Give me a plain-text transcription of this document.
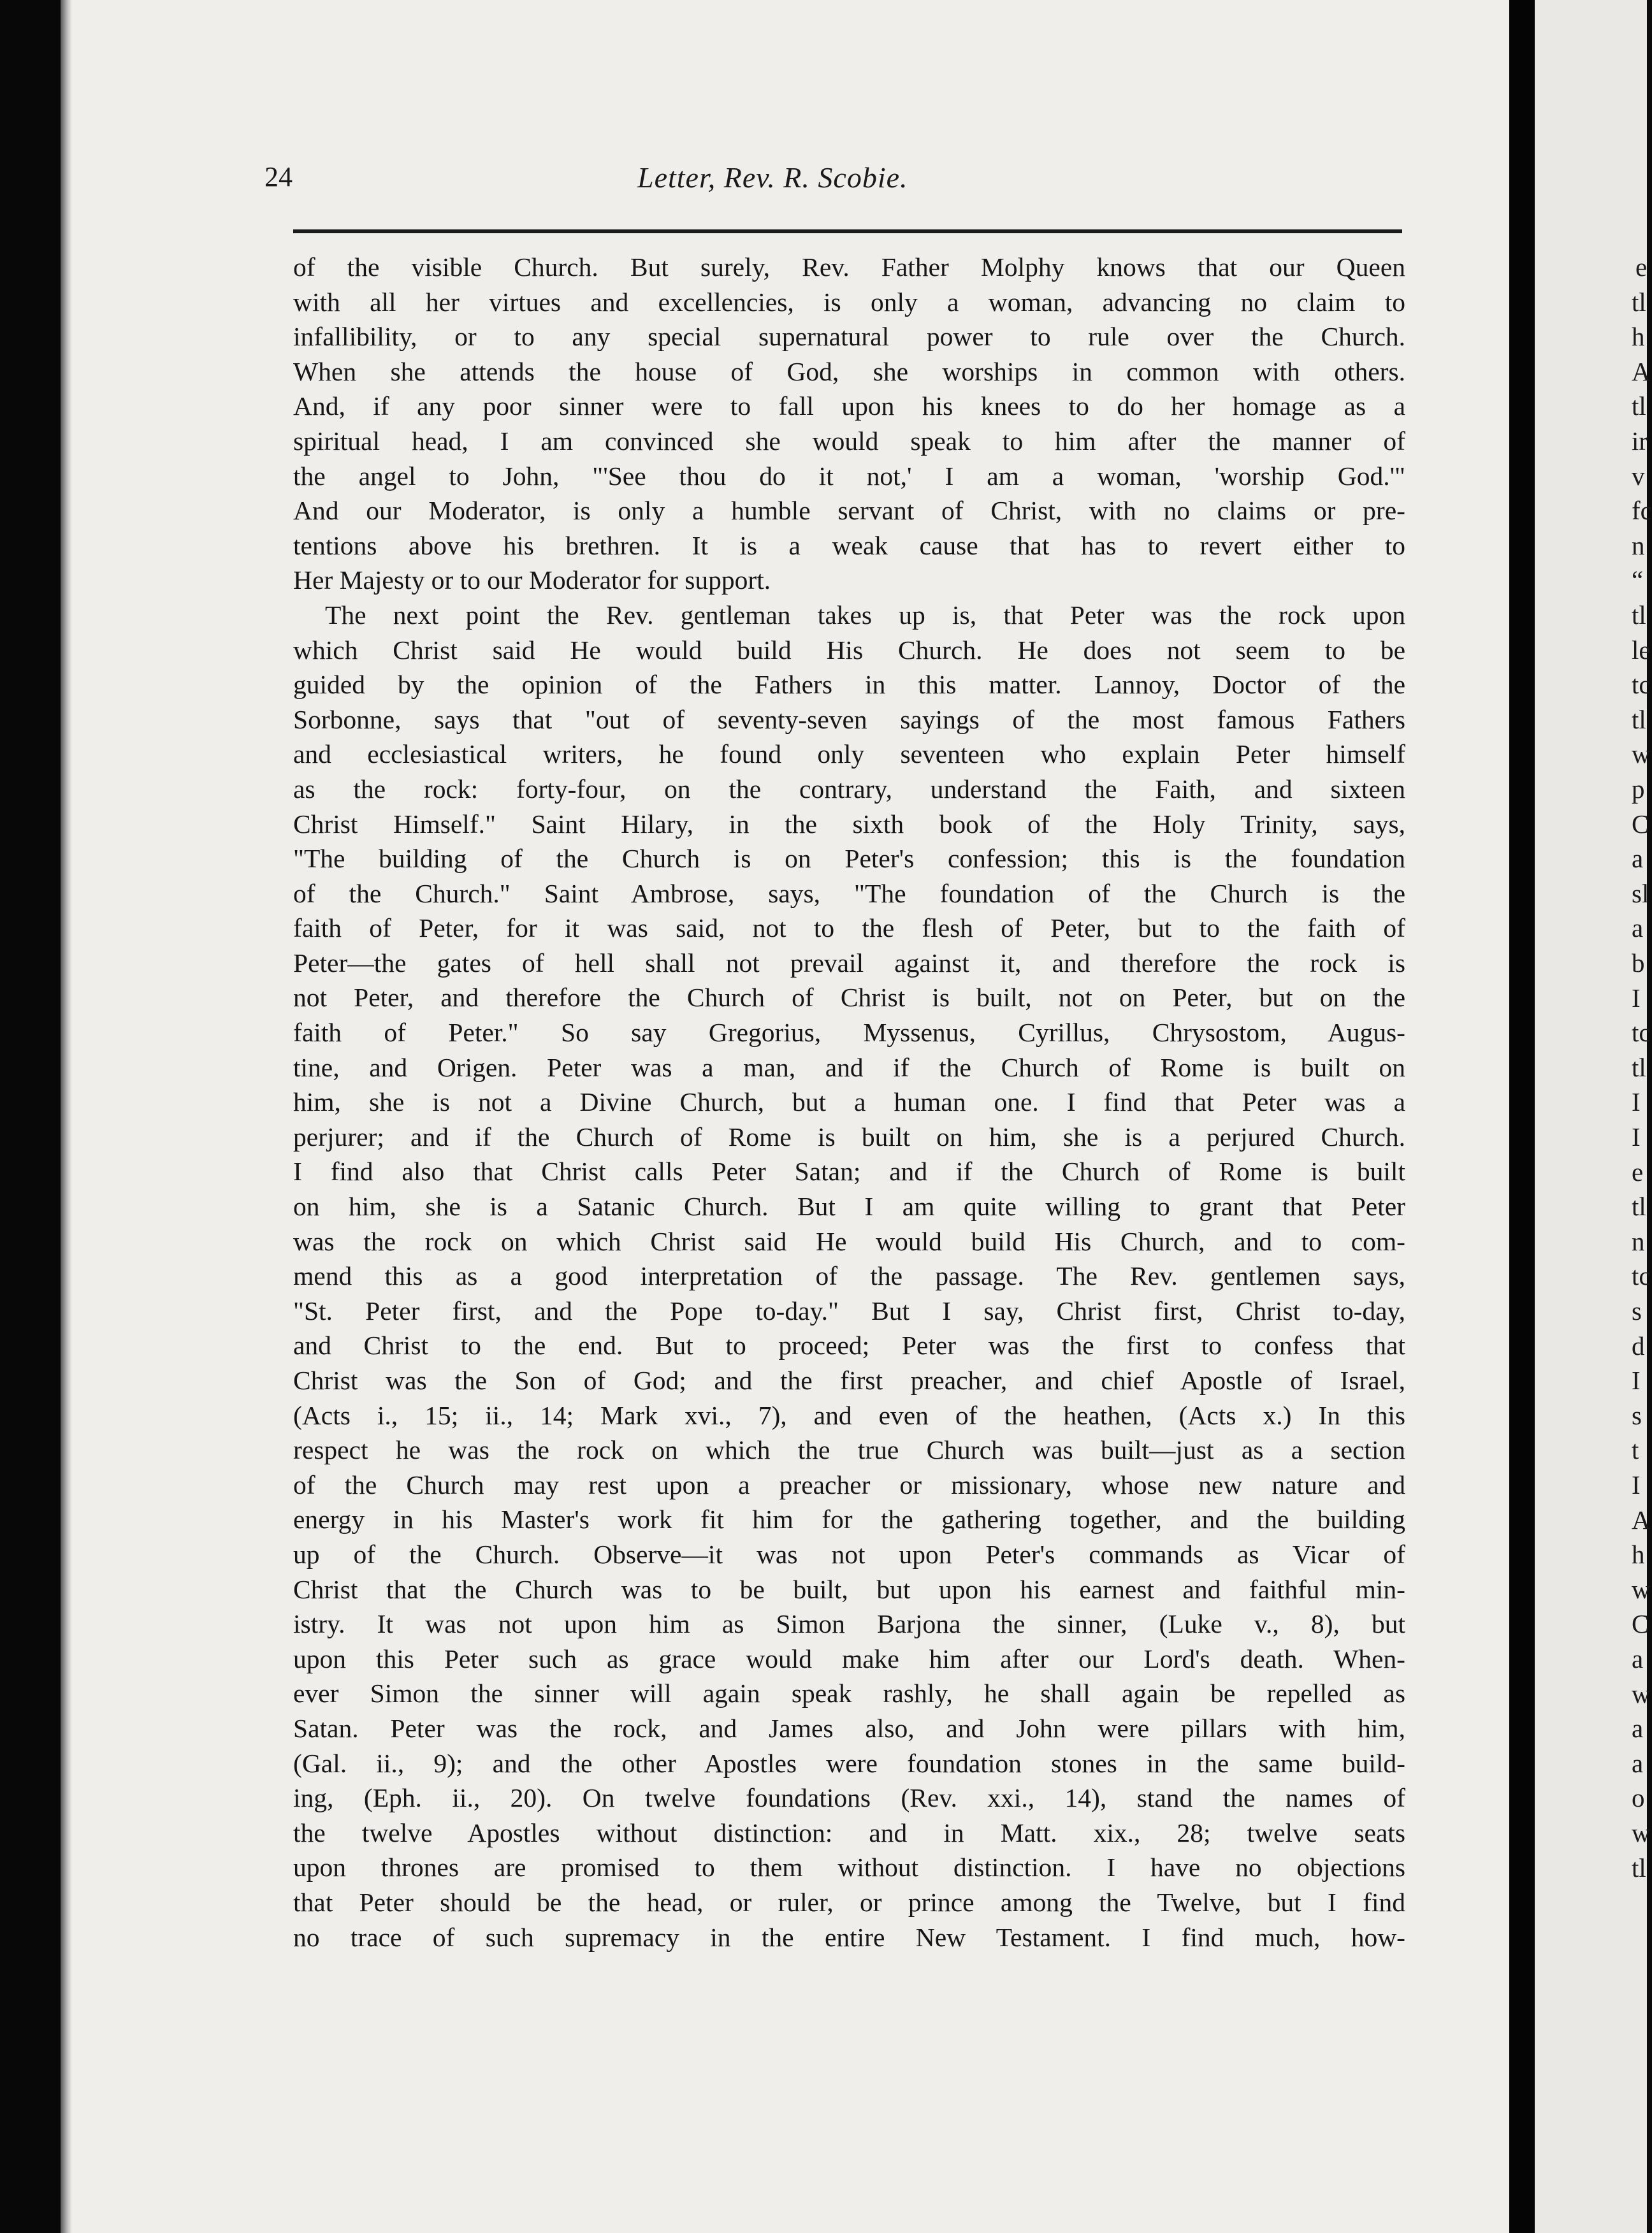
24	Letter, Rev. R. Scobie.
of the visible Church. But surely, Rev. Father Molphy knows that our Queen
with all her virtues and excellencies, is only a woman, advancing no claim to
infallibility, or to any special supernatural power to rule over the Church.
When she attends the house of God, she worships in common with others.
And, if any poor sinner were to fall upon his knees to do her homage as a
spiritual head, I am convinced she would speak to him after the manner of
the angel to John, "'See thou do it not,' I am a woman, 'worship God.'"
And our Moderator, is only a humble servant of Christ, with no claims or pre-
tentions above his brethren. It is a weak cause that has to revert either to
Her Majesty or to our Moderator for support.
The next point the Rev. gentleman takes up is, that Peter was the rock upon
which Christ said He would build His Church. He does not seem to be
guided by the opinion of the Fathers in this matter. Lannoy, Doctor of the
Sorbonne, says that "out of seventy-seven sayings of the most famous Fathers
and ecclesiastical writers, he found only seventeen who explain Peter himself
as the rock: forty-four, on the contrary, understand the Faith, and sixteen
Christ Himself." Saint Hilary, in the sixth book of the Holy Trinity, says,
"The building of the Church is on Peter's confession; this is the foundation
of the Church." Saint Ambrose, says, "The foundation of the Church is the
faith of Peter, for it was said, not to the flesh of Peter, but to the faith of
Peter—the gates of hell shall not prevail against it, and therefore the rock is
not Peter, and therefore the Church of Christ is built, not on Peter, but on the
faith of Peter." So say Gregorius, Myssenus, Cyrillus, Chrysostom, Augus-
tine, and Origen. Peter was a man, and if the Church of Rome is built on
him, she is not a Divine Church, but a human one. I find that Peter was a
perjurer; and if the Church of Rome is built on him, she is a perjured Church.
I find also that Christ calls Peter Satan; and if the Church of Rome is built
on him, she is a Satanic Church. But I am quite willing to grant that Peter
was the rock on which Christ said He would build His Church, and to com-
mend this as a good interpretation of the passage. The Rev. gentlemen says,
"St. Peter first, and the Pope to-day." But I say, Christ first, Christ to-day,
and Christ to the end. But to proceed; Peter was the first to confess that
Christ was the Son of God; and the first preacher, and chief Apostle of Israel,
(Acts i., 15; ii., 14; Mark xvi., 7), and even of the heathen, (Acts x.) In this
respect he was the rock on which the true Church was built—just as a section
of the Church may rest upon a preacher or missionary, whose new nature and
energy in his Master's work fit him for the gathering together, and the building
up of the Church. Observe—it was not upon Peter's commands as Vicar of
Christ that the Church was to be built, but upon his earnest and faithful min-
istry. It was not upon him as Simon Barjona the sinner, (Luke v., 8), but
upon this Peter such as grace would make him after our Lord's death. When-
ever Simon the sinner will again speak rashly, he shall again be repelled as
Satan. Peter was the rock, and James also, and John were pillars with him,
(Gal. ii., 9); and the other Apostles were foundation stones in the same build-
ing, (Eph. ii., 20). On twelve foundations (Rev. xxi., 14), stand the names of
the twelve Apostles without distinction: and in Matt. xix., 28; twelve seats
upon thrones are promised to them without distinction. I have no objections
that Peter should be the head, or ruler, or prince among the Twelve, but I find
no trace of such supremacy in the entire New Testament. I find much, how-
e
tl
h
A
tl
ir
v
fc
n
“
tl
le
tc
tl
w
p
C
a
sl
a
b
I
tc
tl
I
I
e
tl
n
tc
s
d
I
s
t
I
A
h
w
C
a
w
a
a
o
w
tl
